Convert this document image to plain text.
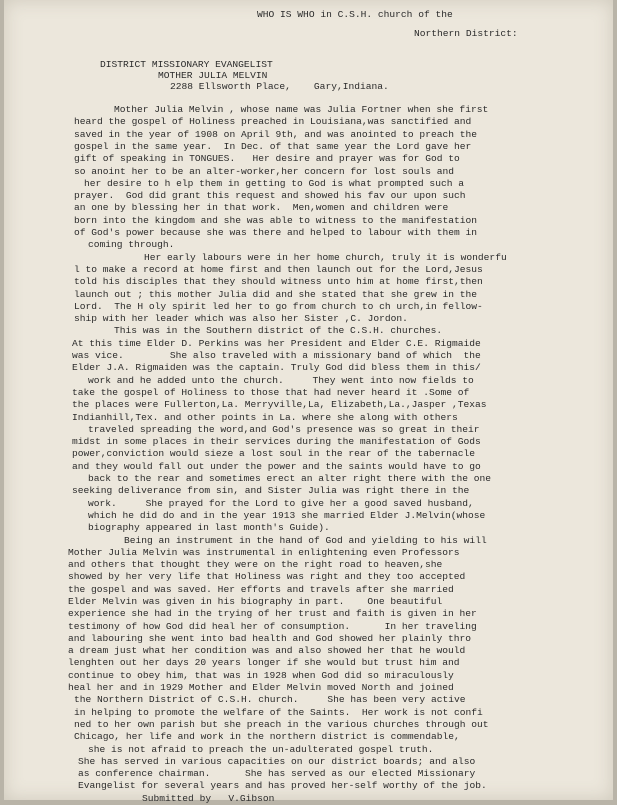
WHO IS WHO in C.S.H. church of the
Northern District:
DISTRICT MISSIONARY EVANGELIST
MOTHER JULIA MELVIN
2288 Ellsworth Place,    Gary,Indiana.
Mother Julia Melvin , whose name was Julia Fortner when she first
heard the gospel of Holiness preached in Louisiana,was sanctified and
saved in the year of 1908 on April 9th, and was anointed to preach the
gospel in the same year.  In Dec. of that same year the Lord gave her
gift of speaking in TONGUES.   Her desire and prayer was for God to
so anoint her to be an alter-worker,her concern for lost souls and
her desire to h elp them in getting to God is what prompted such a
prayer.  God did grant this request and showed his fav our upon such
an one by blessing her in that work.  Men,women and children were
born into the kingdom and she was able to witness to the manifestation
of God's power because she was there and helped to labour with them in
coming through.
Her early labours were in her home church, truly it is wonderfu
l to make a record at home first and then launch out for the Lord,Jesus
told his disciples that they should witness unto him at home first,then
launch out ; this mother Julia did and she stated that she grew in the
Lord.  The H oly spirit led her to go from church to ch urch,in fellow-
ship with her leader which was also her Sister ,C. Jordon.
This was in the Southern district of the C.S.H. churches.
At this time Elder D. Perkins was her President and Elder C.E. Rigmaide
was vice.        She also traveled with a missionary band of which  the
Elder J.A. Rigmaiden was the captain. Truly God did bless them in this/
work and he added unto the church.     They went into now fields to
take the gospel of Holiness to those that had never heard it .Some of
the places were Fullerton,La. Merryville,La, Elizabeth,La.,Jasper ,Texas
Indianhill,Tex. and other points in La. where she along with others
traveled spreading the word,and God's presence was so great in their
midst in some places in their services during the manifestation of Gods
power,conviction would sieze a lost soul in the rear of the tabernacle
and they would fall out under the power and the saints would have to go
back to the rear and sometimes erect an alter right there with the one
seeking deliverance from sin, and Sister Julia was right there in the
work.     She prayed for the Lord to give her a good saved husband,
which he did do and in the year 1913 she married Elder J.Melvin(whose
biography appeared in last month's Guide).
Being an instrument in the hand of God and yielding to his will
Mother Julia Melvin was instrumental in enlightening even Professors
and others that thought they were on the right road to heaven,she
showed by her very life that Holiness was right and they too accepted
the gospel and was saved. Her efforts and travels after she married
Elder Melvin was given in his biography in part.    One beautiful
experience she had in the trying of her trust and faith is given in her
testimony of how God did heal her of consumption.      In her traveling
and labouring she went into bad health and God showed her plainly thro
a dream just what her condition was and also showed her that he would
lenghten out her days 20 years longer if she would but trust him and
continue to obey him, that was in 1928 when God did so miraculously
heal her and in 1929 Mother and Elder Melvin moved North and joined
the Northern District of C.S.H. church.     She has been very active
in helping to promote the welfare of the Saints.  Her work is not confi
ned to her own parish but she preach in the various churches through out
Chicago, her life and work in the northern district is commendable,
she is not afraid to preach the un-adulterated gospel truth.
She has served in various capacities on our district boards; and also
as conference chairman.      She has served as our elected Missionary
Evangelist for several years and has proved her-self worthy of the job.
Submitted by   V.Gibson
